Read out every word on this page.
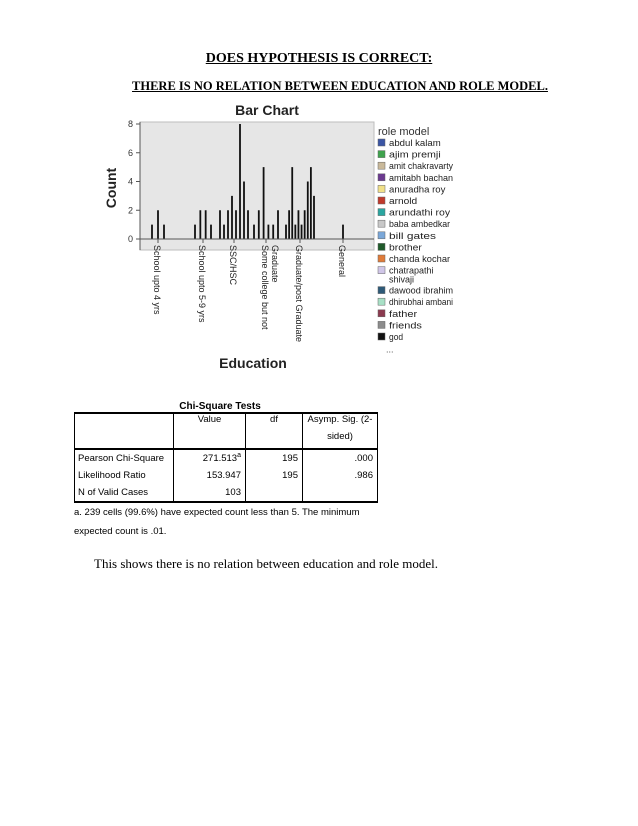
DOES HYPOTHESIS IS CORRECT:
THERE IS NO RELATION BETWEEN EDUCATION AND ROLE MODEL.
Bar Chart
0
2
4
6
8
Count
School upto 4 yrs	School upto 5-9 yrs SSC/HSC Some college but not Graduate Graduate/post Graduate	General
Education
role model
abdul kalam
ajim premji
amit chakravarty
amitabh bachan
anuradha roy
arnold
arundathi roy
baba ambedkar
bill gates
brother
chanda kochar
chatrapathi
shivaji
dawood ibrahim
dhirubhai ambani
father
friends
god
...
Chi-Square Tests
	Value	df	Asymp. Sig. (2-
			sided)
Pearson Chi-Square	271.513$^a$	195	.000
Likelihood Ratio	153.947	195	.986
N of Valid Cases	103		
a. 239 cells (99.6%) have expected count less than 5. The minimum
expected count is .01.
This shows there is no relation between education and role model.
